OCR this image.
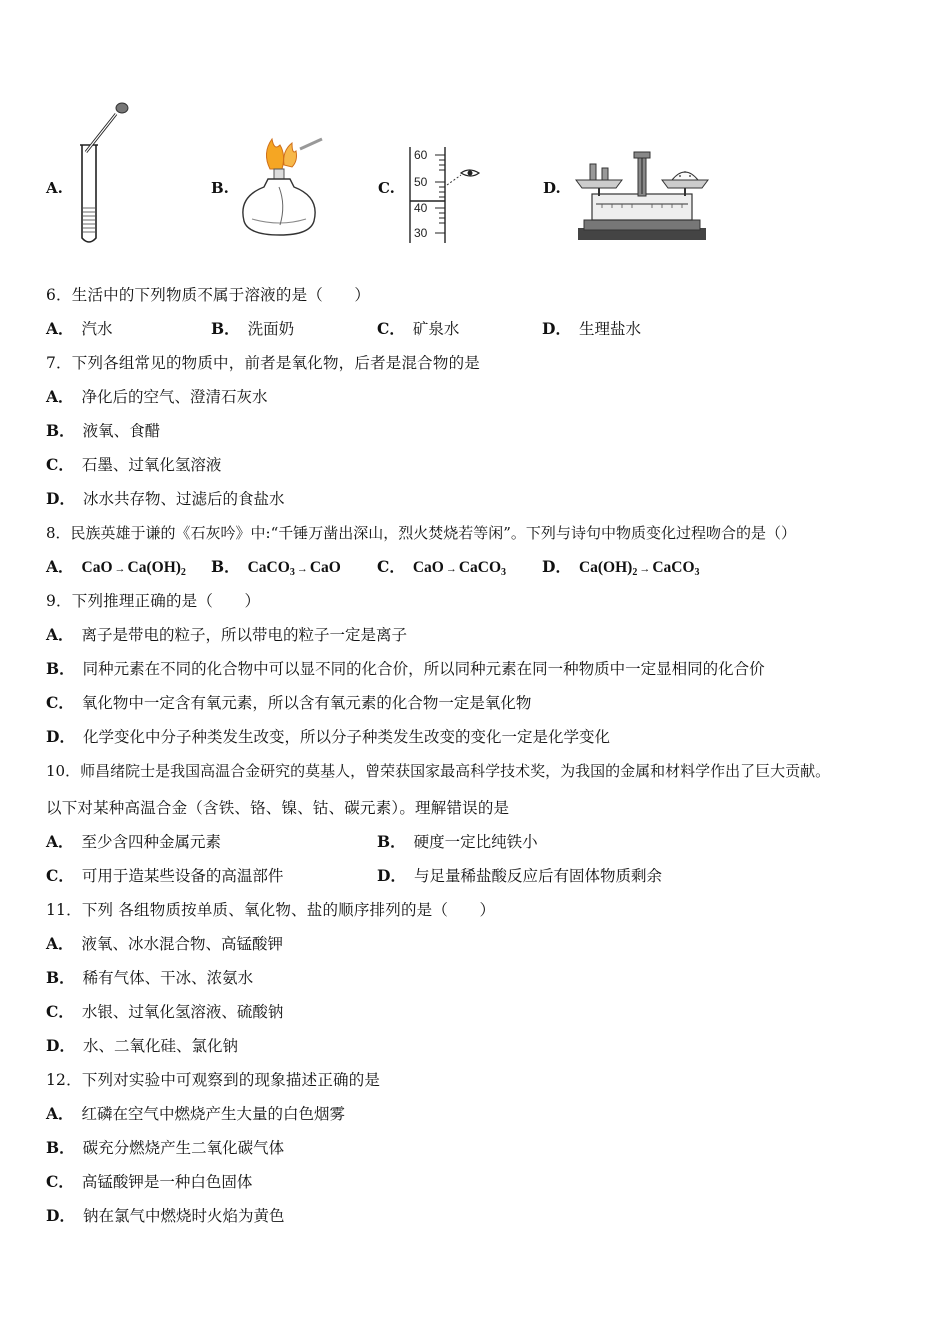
A.	B.	C.
60
50
40
30
D.
6．生活中的下列物质不属于溶液的是（　　）
A． 汽水	B． 洗面奶	C． 矿泉水	D． 生理盐水
7．下列各组常见的物质中，前者是氧化物，后者是混合物的是
A． 净化后的空气、澄清石灰水
B． 液氧、食醋
C． 石墨、过氧化氢溶液
D． 冰水共存物、过滤后的食盐水
8．民族英雄于谦的《石灰吟》中:“千锤万凿出深山，烈火焚烧若等闲”。下列与诗句中物质变化过程吻合的是（）
A． CaO → $Ca(OH)_2$ B． CaCO$_3$ → CaO C． CaO → CaCO$_3$ D． $Ca(OH)_2$ → CaCO$_3$
9．下列推理正确的是（　　）
A． 离子是带电的粒子，所以带电的粒子一定是离子
B． 同种元素在不同的化合物中可以显不同的化合价，所以同种元素在同一种物质中一定显相同的化合价
C． 氧化物中一定含有氧元素，所以含有氧元素的化合物一定是氧化物
D． 化学变化中分子种类发生改变，所以分子种类发生改变的变化一定是化学变化
10．师昌绪院士是我国高温合金研究的莫基人，曾荣获国家最高科学技术奖，为我国的金属和材料学作出了巨大贡献。
以下对某种高温合金（含铁、铬、镍、钴、碳元素）。理解错误的是
A． 至少含四种金属元素	B． 硬度一定比纯铁小
C． 可用于造某些设备的高温部件	D． 与足量稀盐酸反应后有固体物质剩余
11．下列 各组物质按单质、氧化物、盐的顺序排列的是（　　）
A． 液氧、冰水混合物、高锰酸钾
B． 稀有气体、干冰、浓氨水
C． 水银、过氧化氢溶液、硫酸钠
D． 水、二氧化硅、氯化钠
12．下列对实验中可观察到的现象描述正确的是
A． 红磷在空气中燃烧产生大量的白色烟雾
B． 碳充分燃烧产生二氧化碳气体
C． 高锰酸钾是一种白色固体
D． 钠在氯气中燃烧时火焰为黄色
